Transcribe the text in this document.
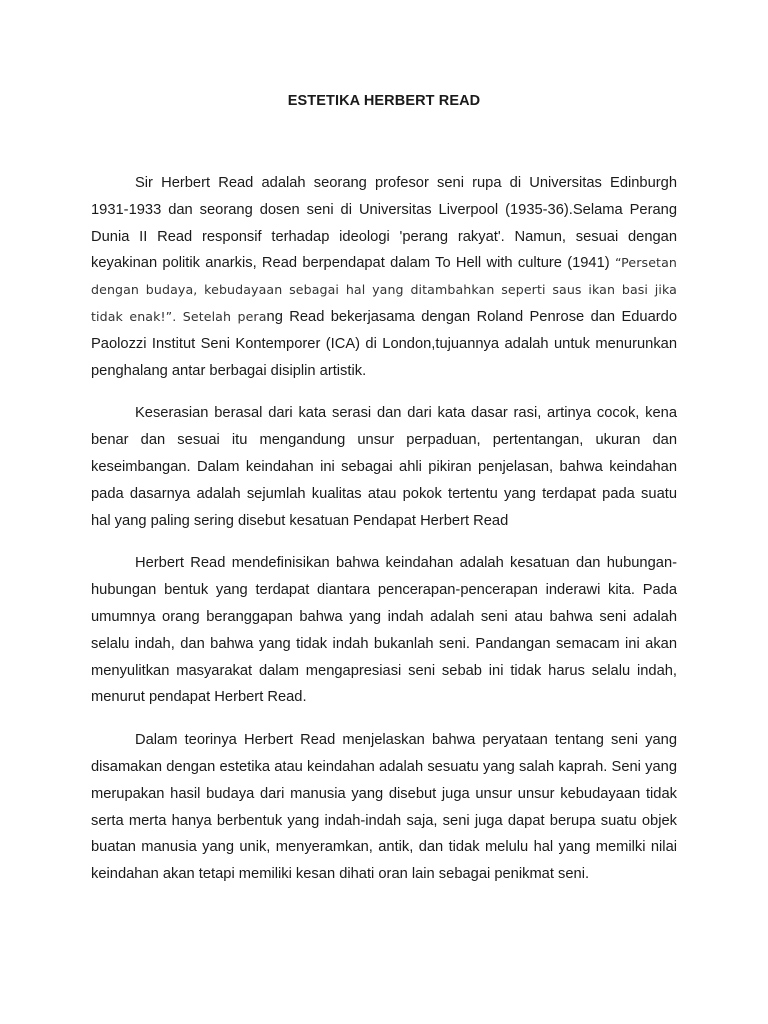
ESTETIKA HERBERT READ

Sir Herbert Read adalah seorang profesor seni rupa di Universitas Edinburgh 1931-1933 dan seorang dosen seni di Universitas Liverpool (1935-36).Selama Perang Dunia II Read responsif terhadap ideologi 'perang rakyat'. Namun, sesuai dengan keyakinan politik anarkis, Read berpendapat dalam To Hell with culture (1941) “Persetan dengan budaya, kebudayaan sebagai hal yang ditambahkan seperti saus ikan basi jika tidak enak!”. Setelah perang Read bekerjasama dengan Roland Penrose dan Eduardo Paolozzi Institut Seni Kontemporer (ICA) di London,tujuannya adalah untuk menurunkan penghalang antar berbagai disiplin artistik.

Keserasian berasal dari kata serasi dan dari kata dasar rasi, artinya cocok, kena benar dan sesuai itu mengandung unsur perpaduan, pertentangan, ukuran dan keseimbangan. Dalam keindahan ini sebagai ahli pikiran penjelasan, bahwa keindahan pada dasarnya adalah sejumlah kualitas atau pokok tertentu yang terdapat pada suatu hal yang paling sering disebut kesatuan Pendapat Herbert Read

Herbert Read mendefinisikan bahwa keindahan adalah kesatuan dan hubungan-hubungan bentuk yang terdapat diantara pencerapan-pencerapan inderawi kita. Pada umumnya orang beranggapan bahwa yang indah adalah seni atau bahwa seni adalah selalu indah, dan bahwa yang tidak indah bukanlah seni. Pandangan semacam ini akan menyulitkan masyarakat dalam mengapresiasi seni sebab ini tidak harus selalu indah, menurut pendapat Herbert Read.

Dalam teorinya Herbert Read menjelaskan bahwa peryataan tentang seni yang disamakan dengan estetika atau keindahan adalah sesuatu yang salah kaprah. Seni yang merupakan hasil budaya dari manusia yang disebut juga unsur unsur kebudayaan tidak serta merta hanya berbentuk yang indah-indah saja, seni juga dapat berupa suatu objek buatan manusia yang unik, menyeramkan, antik, dan tidak melulu hal yang memilki nilai keindahan akan tetapi memiliki kesan dihati oran lain sebagai penikmat seni.
